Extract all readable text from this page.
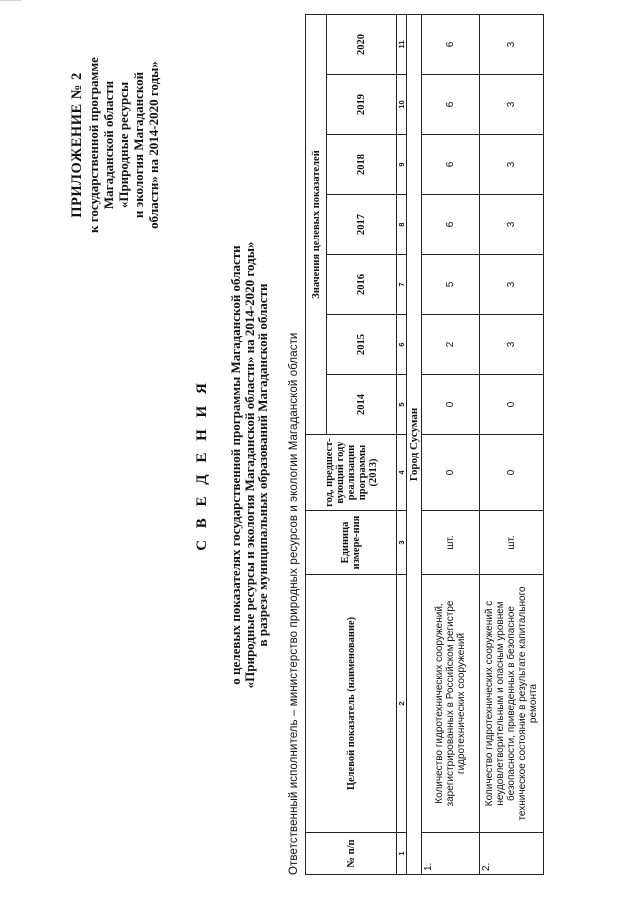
ПРИЛОЖЕНИЕ № 2 к государственной программе Магаданской области «Природные ресурсы и экология Магаданской области» на 2014-2020 годы»
С В Е Д Е Н И Я о целевых показателях государственной программы Магаданской области
«Природные ресурсы и экология Магаданской области» на 2014-2020 годы»
в разрезе муниципальных образований Магаданской области Ответственный исполнитель – министерство природных ресурсов и экологии Магаданской области	№ п/п	Целевой показатель (наименование)	Единица измере-ния	год, предшест-вующий году реализации программы (2013)	Значения целевых показателей						
				2014	2015	2016	2017	2018	2019	2020
1	2	3	4	5	6	7	8	9	10	11
Город Сусуман										
1.	Количество гидротехнических сооружений, зарегистрированных в Российском регистре гидротехнических сооружений	шт.	0	0	2	5	6	6	6	6
2.	Количество гидротехнических сооружений с неудовлетворительным и опасным уровнем безопасности, приведенных в безопасное техническое состояние в результате капитального ремонта	шт.	0	0	3	3	3	3	3	3
